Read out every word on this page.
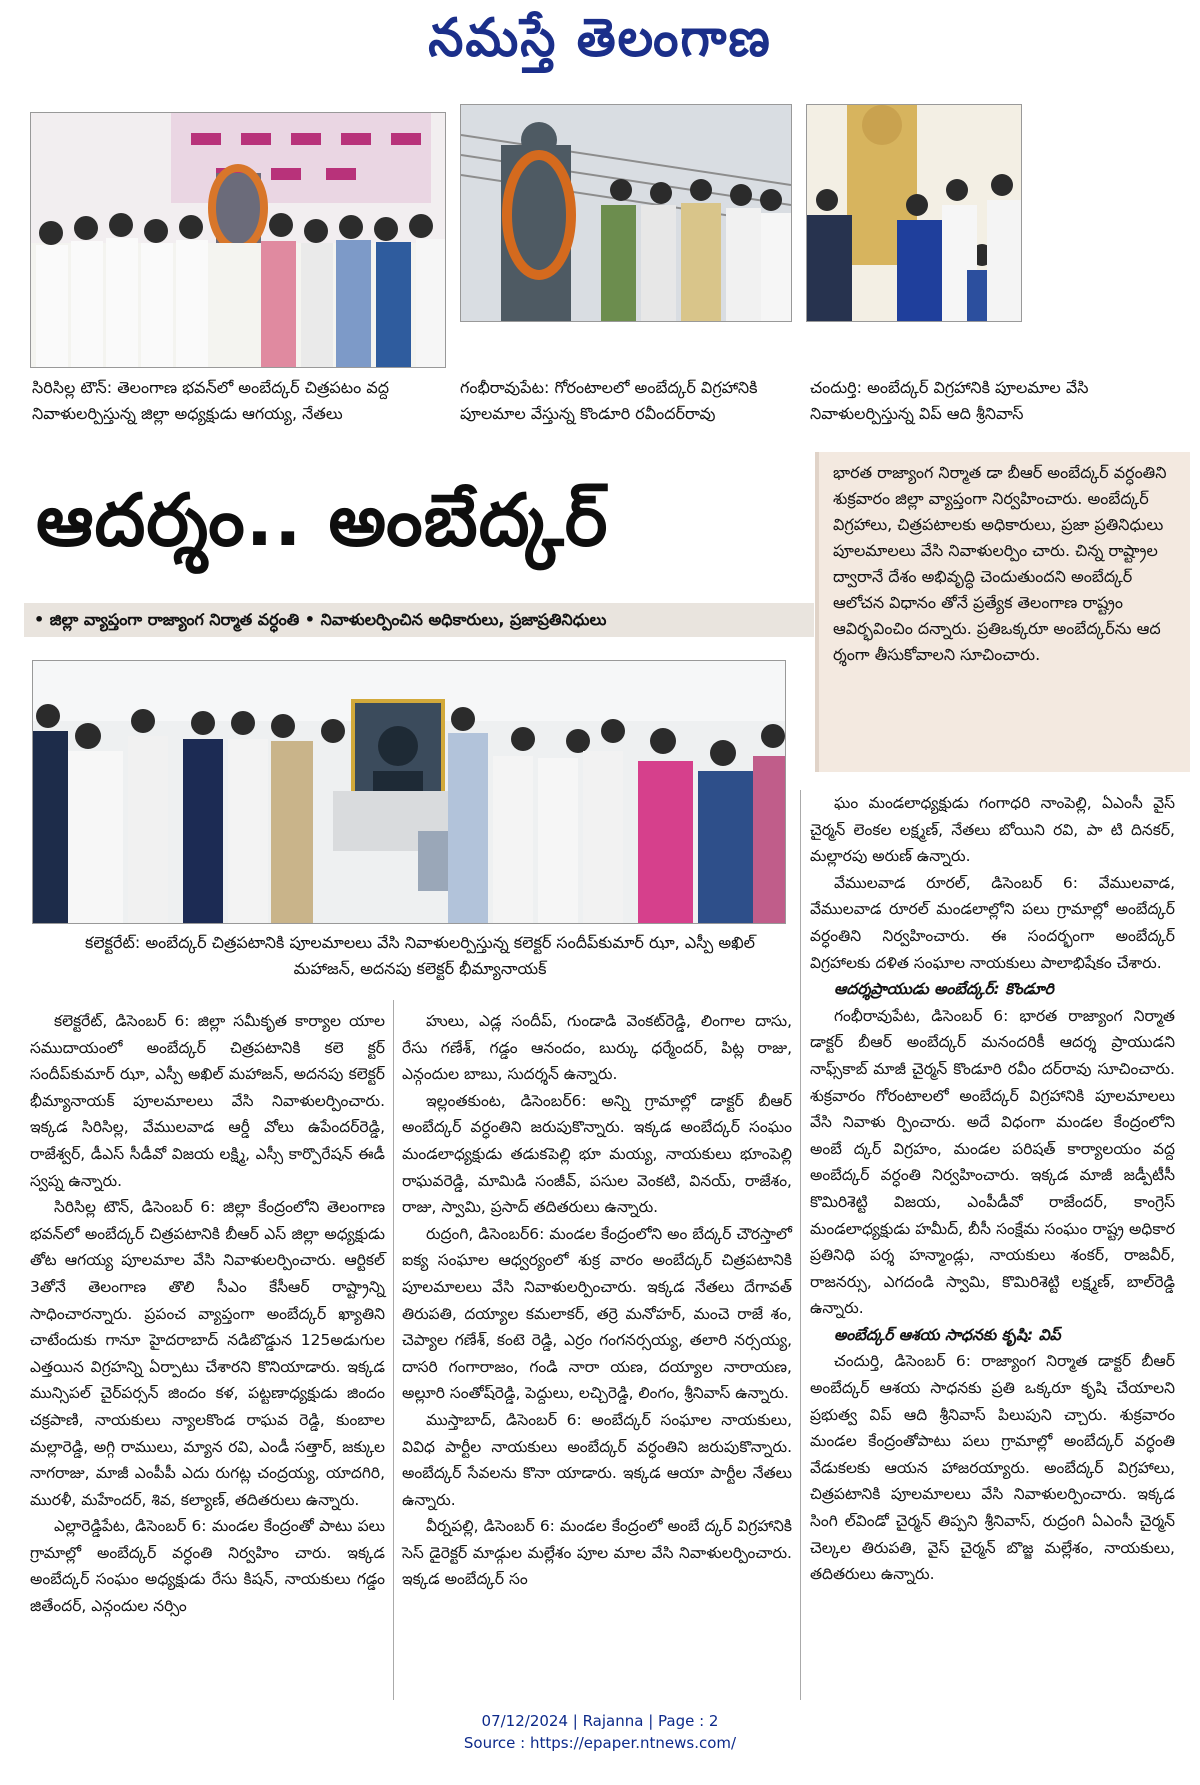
నమస్తే తెలంగాణ
సిరిసిల్ల టౌన్‌: తెలంగాణ భవన్‌లో అంబేద్కర్‌ చిత్రపటం వద్ద నివాళులర్పిస్తున్న జిల్లా అధ్యక్షుడు ఆగయ్య, నేతలు
గంభీరావుపేట: గోరంటాలలో అంబేద్కర్‌ విగ్రహానికి పూలమాల వేస్తున్న కొండూరి రవీందర్‌రావు
చందుర్తి: అంబేద్కర్‌ విగ్రహానికి పూలమాల వేసి నివాళులర్పిస్తున్న విప్‌ ఆది శ్రీనివాస్‌
ఆదర్శం.. అంబేద్కర్‌
• జిల్లా వ్యాప్తంగా రాజ్యాంగ నిర్మాత వర్ధంతి • నివాళులర్పించిన అధికారులు, ప్రజాప్రతినిధులు
భారత రాజ్యాంగ నిర్మాత డా బీఆర్‌ అంబేద్కర్‌ వర్ధంతిని శుక్రవారం జిల్లా వ్యాప్తంగా నిర్వహించారు. అంబేద్కర్‌ విగ్రహాలు, చిత్రపటాలకు అధికారులు, ప్రజా ప్రతినిధులు పూలమాలలు వేసి నివాళులర్పిం చారు. చిన్న రాష్ట్రాల ద్వారానే దేశం అభివృద్ధి చెందుతుందని అంబేద్కర్‌ ఆలోచన విధానం తోనే ప్రత్యేక తెలంగాణ రాష్ట్రం ఆవిర్భవించిం దన్నారు. ప్రతిఒక్కరూ అంబేద్కర్‌ను ఆద ర్శంగా తీసుకోవాలని సూచించారు.
కలెక్టరేట్‌: అంబేద్కర్‌ చిత్రపటానికి పూలమాలలు వేసి నివాళులర్పిస్తున్న కలెక్టర్‌ సందీప్‌కుమార్‌ ఝా, ఎస్పీ అఖిల్‌ మహాజన్‌, అదనపు కలెక్టర్‌ భీమ్యానాయక్‌

కలెక్టరేట్‌, డిసెంబర్‌ 6: జిల్లా సమీకృత కార్యాల యాల సముదాయంలో అంబేద్కర్‌ చిత్రపటానికి కలె క్టర్‌ సందీప్‌కుమార్‌ ఝా, ఎస్పీ అఖిల్‌ మహాజన్‌, అదనపు కలెక్టర్‌ భీమ్యానాయక్‌ పూలమాలలు వేసి నివాళులర్పించారు. ఇక్కడ సిరిసిల్ల, వేములవాడ ఆర్డీ వోలు ఉపేందర్‌రెడ్డి, రాజేశ్వర్‌, డీఎస్‌ సీడీవో విజయ లక్ష్మి, ఎస్సీ కార్పొరేషన్‌ ఈడీ స్వప్న ఉన్నారు.

సిరిసిల్ల టౌన్‌, డిసెంబర్‌ 6: జిల్లా కేంద్రంలోని తెలంగాణ భవన్‌లో అంబేద్కర్‌ చిత్రపటానికి బీఆర్‌ ఎస్‌ జిల్లా అధ్యక్షుడు తోట ఆగయ్య పూలమాల వేసి నివాళులర్పించారు. ఆర్టికల్‌ 3తోనే తెలంగాణ తొలి సీఎం కేసీఆర్‌ రాష్ట్రాన్ని సాధించారన్నారు. ప్రపంచ వ్యాప్తంగా అంబేద్కర్‌ ఖ్యాతిని చాటేందుకు గానూ హైదరాబాద్‌ నడిబొడ్డున 125అడుగుల ఎత్తయిన విగ్రహన్ని ఏర్పాటు చేశారని కొనియాడారు. ఇక్కడ మున్సిపల్‌ చైర్‌పర్సన్‌ జిందం కళ, పట్టణాధ్యక్షుడు జిందం చక్రపాణి, నాయకులు న్యాలకొండ రాఘవ రెడ్డి, కుంబాల మల్లారెడ్డి, అగ్గి రాములు, మ్యాన రవి, ఎండీ సత్తార్‌, జక్కుల నాగరాజు, మాజీ ఎంపీపీ ఎదు రుగట్ల చంద్రయ్య, యాదగిరి, మురళీ, మహేందర్‌, శివ, కల్యాణ్‌, తదితరులు ఉన్నారు.

ఎల్లారెడ్డిపేట, డిసెంబర్‌ 6: మండల కేంద్రంతో పాటు పలు గ్రామాల్లో అంబేద్కర్‌ వర్ధంతి నిర్వహిం చారు. ఇక్కడ అంబేద్కర్‌ సంఘం అధ్యక్షుడు రేసు కిషన్‌, నాయకులు గడ్డం జితేందర్‌, ఎన్గందుల నర్సిం

హులు, ఎడ్ల సందీప్‌, గుండాడి వెంకట్‌రెడ్డి, లింగాల దాసు, రేసు గణేశ్‌, గడ్డం ఆనందం, బుర్కు ధర్మేందర్‌, పిట్ల రాజు, ఎన్గందుల బాబు, సుదర్శన్‌ ఉన్నారు.

ఇల్లంతకుంట, డిసెంబర్‌6: అన్ని గ్రామాల్లో డాక్టర్‌ బీఆర్‌ అంబేద్కర్‌ వర్ధంతిని జరుపుకొన్నారు. ఇక్కడ అంబేద్కర్‌ సంఘం మండలాధ్యక్షుడు తడుకపెల్లి భూ మయ్య, నాయకులు భూంపెల్లి రాఘవరెడ్డి, మామిడి సంజీవ్‌, పసుల వెంకటి, వినయ్‌, రాజేశం, రాజు, స్వామి, ప్రసాద్‌ తదితరులు ఉన్నారు.

రుద్రంగి, డిసెంబర్‌6: మండల కేంద్రంలోని అం బేద్కర్‌ చౌరస్తాలో ఐక్య సంఘాల ఆధ్వర్యంలో శుక్ర వారం అంబేద్కర్‌ చిత్రపటానికి పూలమాలలు వేసి నివాళులర్పించారు. ఇక్కడ నేతలు దేగావత్‌ తిరుపతి, దయ్యాల కమలాకర్‌, తర్రె మనోహర్‌, మంచె రాజే శం, చెప్యాల గణేశ్‌, కంటె రెడ్డి, ఎర్రం గంగనర్సయ్య, తలారి నర్సయ్య, దాసరి గంగారాజం, గండి నారా యణ, దయ్యాల నారాయణ, అల్లూరి సంతోష్‌రెడ్డి, పెద్దులు, లచ్చిరెడ్డి, లింగం, శ్రీనివాస్‌ ఉన్నారు.

ముస్తాబాద్‌, డిసెంబర్‌ 6: అంబేద్కర్‌ సంఘాల నాయకులు, వివిధ పార్టీల నాయకులు అంబేద్కర్‌ వర్ధంతిని జరుపుకొన్నారు. అంబేద్కర్‌ సేవలను కొనా యాడారు. ఇక్కడ ఆయా పార్టీల నేతలు ఉన్నారు.

వీర్నపల్లి, డిసెంబర్‌ 6: మండల కేంద్రంలో అంబే ద్కర్‌ విగ్రహానికి సెస్‌ డైరెక్టర్‌ మాడ్గుల మల్లేశం పూల మాల వేసి నివాళులర్పించారు. ఇక్కడ అంబేద్కర్‌ సం

ఘం మండలాధ్యక్షుడు గంగాధరి నాంపెల్లి, ఏఎంసీ వైస్‌ చైర్మన్‌ లెంకల లక్ష్మణ్‌, నేతలు బోయిని రవి, పా టి దినకర్‌, మల్లారపు అరుణ్‌ ఉన్నారు.

వేములవాడ రూరల్‌, డిసెంబర్‌ 6: వేములవాడ, వేములవాడ రూరల్‌ మండలాల్లోని పలు గ్రామాల్లో అంబేద్కర్‌ వర్ధంతిని నిర్వహించారు. ఈ సందర్భంగా అంబేద్కర్‌ విగ్రహాలకు దళిత సంఘాల నాయకులు పాలాభిషేకం చేశారు.

ఆదర్శప్రాయుడు అంబేద్కర్‌: కొండూరి

గంభీరావుపేట, డిసెంబర్‌ 6: భారత రాజ్యాంగ నిర్మాత డాక్టర్‌ బీఆర్‌ అంబేద్కర్‌ మనందరికీ ఆదర్శ ప్రాయుడని నాఫ్స్‌కాబ్‌ మాజీ చైర్మన్‌ కొండూరి రవీం దర్‌రావు సూచించారు. శుక్రవారం గోరంటాలలో అంబేద్కర్‌ విగ్రహానికి పూలమాలలు వేసి నివాళు ర్పించారు. అదే విధంగా మండల కేంద్రంలోని అంబే ద్కర్‌ విగ్రహం, మండల పరిషత్‌ కార్యాలయం వద్ద అంబేద్కర్‌ వర్ధంతి నిర్వహించారు. ఇక్కడ మాజీ జడ్పీటీసీ కొమిరిశెట్టి విజయ, ఎంపీడీవో రాజేందర్‌, కాంగ్రెస్‌ మండలాధ్యక్షుడు హమీద్‌, బీసీ సంక్షేమ సంఘం రాష్ట్ర అధికార ప్రతినిధి పర్శ హన్మాండ్లు, నాయకులు శంకర్‌, రాజవీర్‌, రాజనర్సు, ఎగదండి స్వామి, కొమిరిశెట్టి లక్ష్మణ్‌, బాల్‌రెడ్డి ఉన్నారు.

అంబేద్కర్‌ ఆశయ సాధనకు కృషి: విప్‌

చందుర్తి, డిసెంబర్‌ 6: రాజ్యాంగ నిర్మాత డాక్టర్‌ బీఆర్‌ అంబేద్కర్‌ ఆశయ సాధనకు ప్రతి ఒక్కరూ కృషి చేయాలని ప్రభుత్వ విప్‌ ఆది శ్రీనివాస్‌ పిలుపుని చ్చారు. శుక్రవారం మండల కేంద్రంతోపాటు పలు గ్రామాల్లో అంబేద్కర్‌ వర్ధంతి వేడుకలకు ఆయన హాజరయ్యారు. అంబేద్కర్‌ విగ్రహాలు, చిత్రపటానికి పూలమాలలు వేసి నివాళులర్పించారు. ఇక్కడ సింగి ల్‌విండో చైర్మన్‌ తిప్పని శ్రీనివాస్‌, రుద్రంగి ఏఎంసీ చైర్మన్‌ చెల్కల తిరుపతి, వైస్‌ చైర్మన్‌ బొజ్జ మల్లేశం, నాయకులు, తదితరులు ఉన్నారు.

07/12/2024 | Rajanna | Page : 2
Source : https://epaper.ntnews.com/
